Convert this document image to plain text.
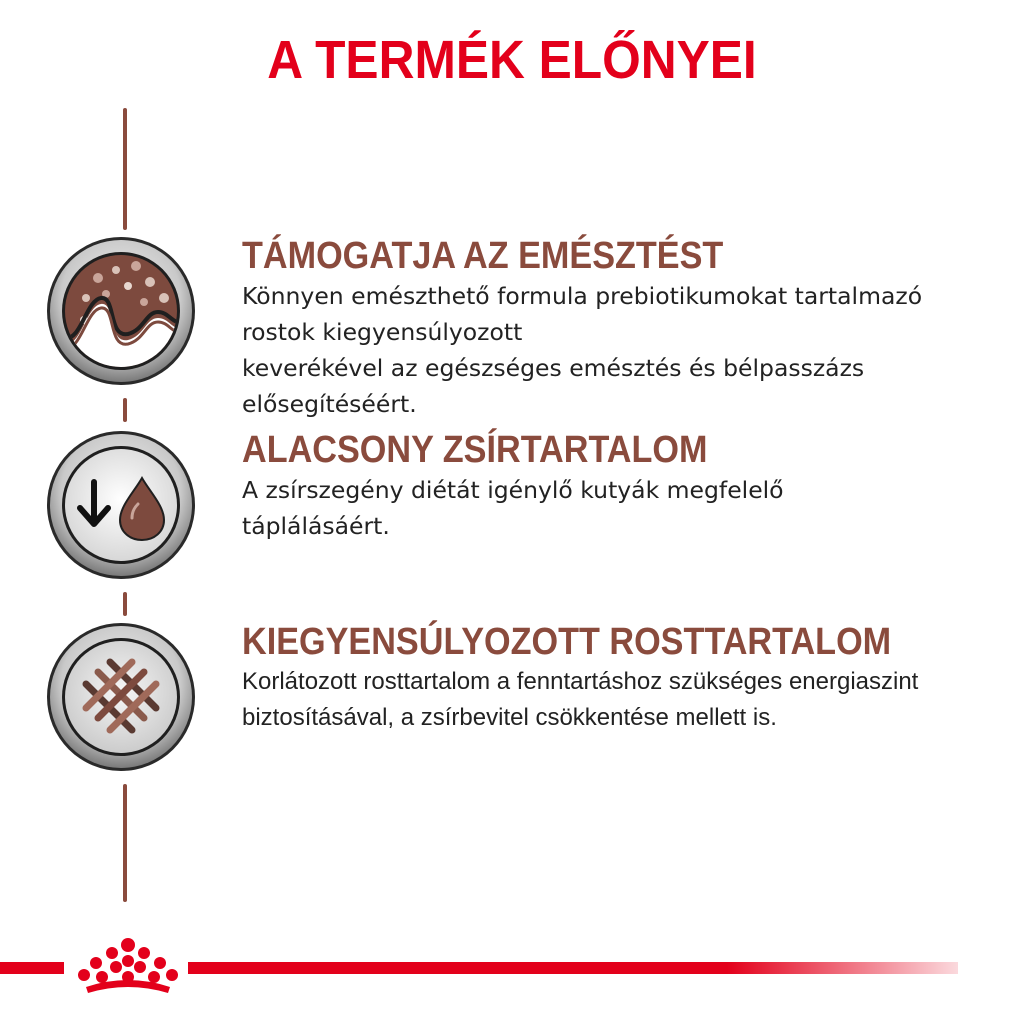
A TERMÉK ELŐNYEI
TÁMOGATJA AZ EMÉSZTÉST

Könnyen emészthető formula prebiotikumokat tartalmazó

rostok kiegyensúlyozott

keverékével az egészséges emésztés és bélpasszázs

elősegítéséért.

ALACSONY ZSÍRTARTALOM

A zsírszegény diétát igénylő kutyák megfelelő

táplálásáért.

KIEGYENSÚLYOZOTT ROSTTARTALOM

Korlátozott rosttartalom a fenntartáshoz szükséges energiaszint

biztosításával, a zsírbevitel csökkentése mellett is.
